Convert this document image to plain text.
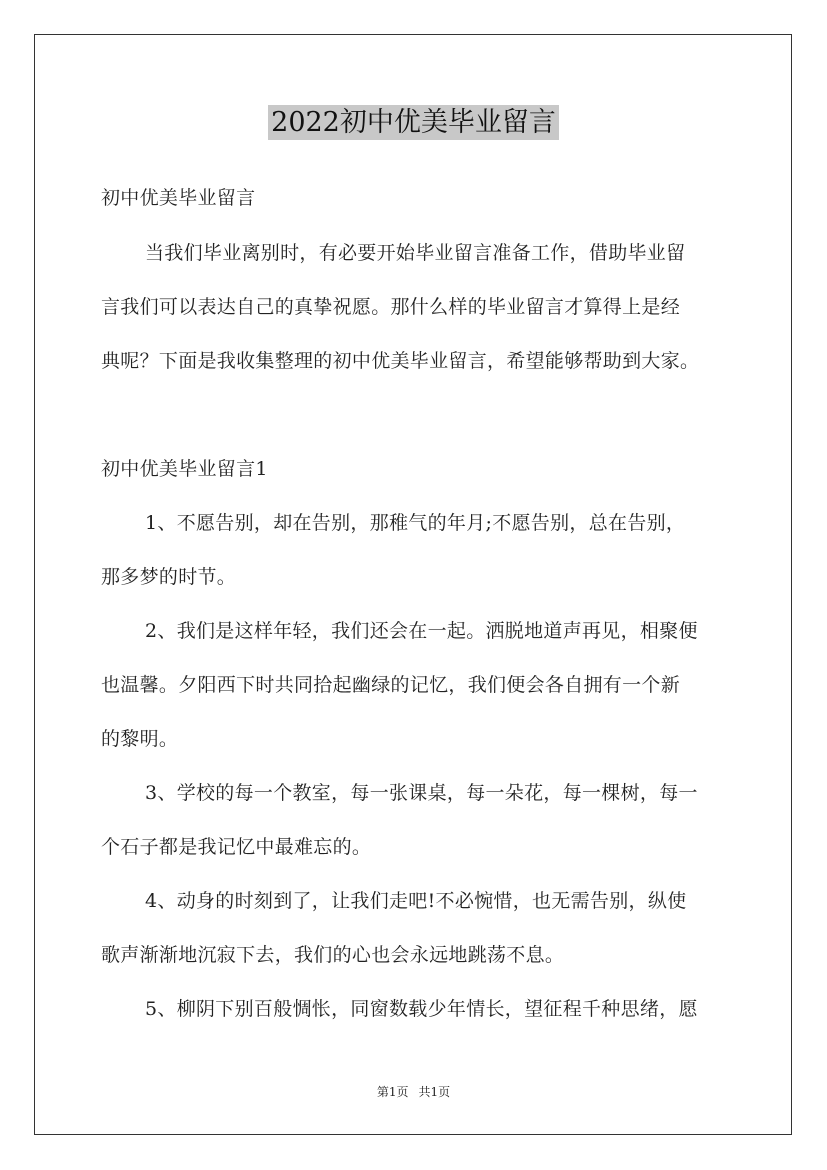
2022初中优美毕业留言
初中优美毕业留言
当我们毕业离别时，有必要开始毕业留言准备工作，借助毕业留
言我们可以表达自己的真挚祝愿。那什么样的毕业留言才算得上是经
典呢？下面是我收集整理的初中优美毕业留言，希望能够帮助到大家。
初中优美毕业留言1
1、不愿告别，却在告别，那稚气的年月;不愿告别，总在告别，
那多梦的时节。
2、我们是这样年轻，我们还会在一起。洒脱地道声再见，相聚便
也温馨。夕阳西下时共同拾起幽绿的记忆，我们便会各自拥有一个新
的黎明。
3、学校的每一个教室，每一张课桌，每一朵花，每一棵树，每一
个石子都是我记忆中最难忘的。
4、动身的时刻到了，让我们走吧!不必惋惜，也无需告别，纵使
歌声渐渐地沉寂下去，我们的心也会永远地跳荡不息。
5、柳阴下别百般惆怅，同窗数载少年情长，望征程千种思绪，愿
第1页 共1页
